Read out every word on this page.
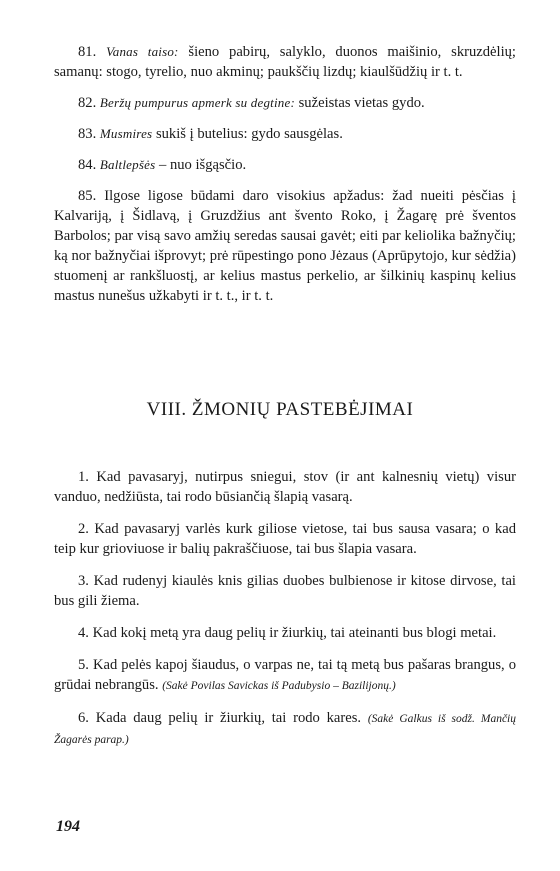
81. Vanas taiso: šieno pabirų, salyklo, duonos maišinio, skruzdėlių; samanų: stogo, tyrelio, nuo akminų; paukščių lizdų; kiaulšūdžių ir t. t.

82. Beržų pumpurus apmerk su degtine: sužeistas vietas gydo.

83. Musmires sukiš į butelius: gydo sausgėlas.

84. Baltlepšės – nuo išgąsčio.

85. Ilgose ligose būdami daro visokius apžadus: žad nueiti pėsčias į Kalvariją, į Šidlavą, į Gruzdžius ant švento Roko, į Žagarę prė šventos Barbolos; par visą savo amžių seredas sausai gavėt; eiti par keliolika bažnyčių; ką nor bažnyčiai išprovyt; prė rūpestingo pono Jėzaus (Aprūpytojo, kur sėdžia) stuomenį ar rankšluostį, ar kelius mastus perkelio, ar šilkinių kaspinų kelius mastus nunešus užkabyti ir t. t., ir t. t.

VIII. ŽMONIŲ PASTEBĖJIMAI

1. Kad pavasaryj, nutirpus sniegui, stov (ir ant kalnesnių vietų) visur vanduo, nedžiūsta, tai rodo būsiančią šlapią vasarą.

2. Kad pavasaryj varlės kurk giliose vietose, tai bus sausa vasara; o kad teip kur grioviuose ir balių pakraščiuose, tai bus šlapia vasara.

3. Kad rudenyj kiaulės knis gilias duobes bulbienose ir kitose dirvose, tai bus gili žiema.

4. Kad kokį metą yra daug pelių ir žiurkių, tai ateinanti bus blogi metai.

5. Kad pelės kapoj šiaudus, o varpas ne, tai tą metą bus pašaras brangus, o grūdai nebrangūs. (Sakė Povilas Savickas iš Padubysio – Bazilijonų.)

6. Kada daug pelių ir žiurkių, tai rodo kares. (Sakė Galkus iš sodž. Mančių Žagarės parap.)

194
